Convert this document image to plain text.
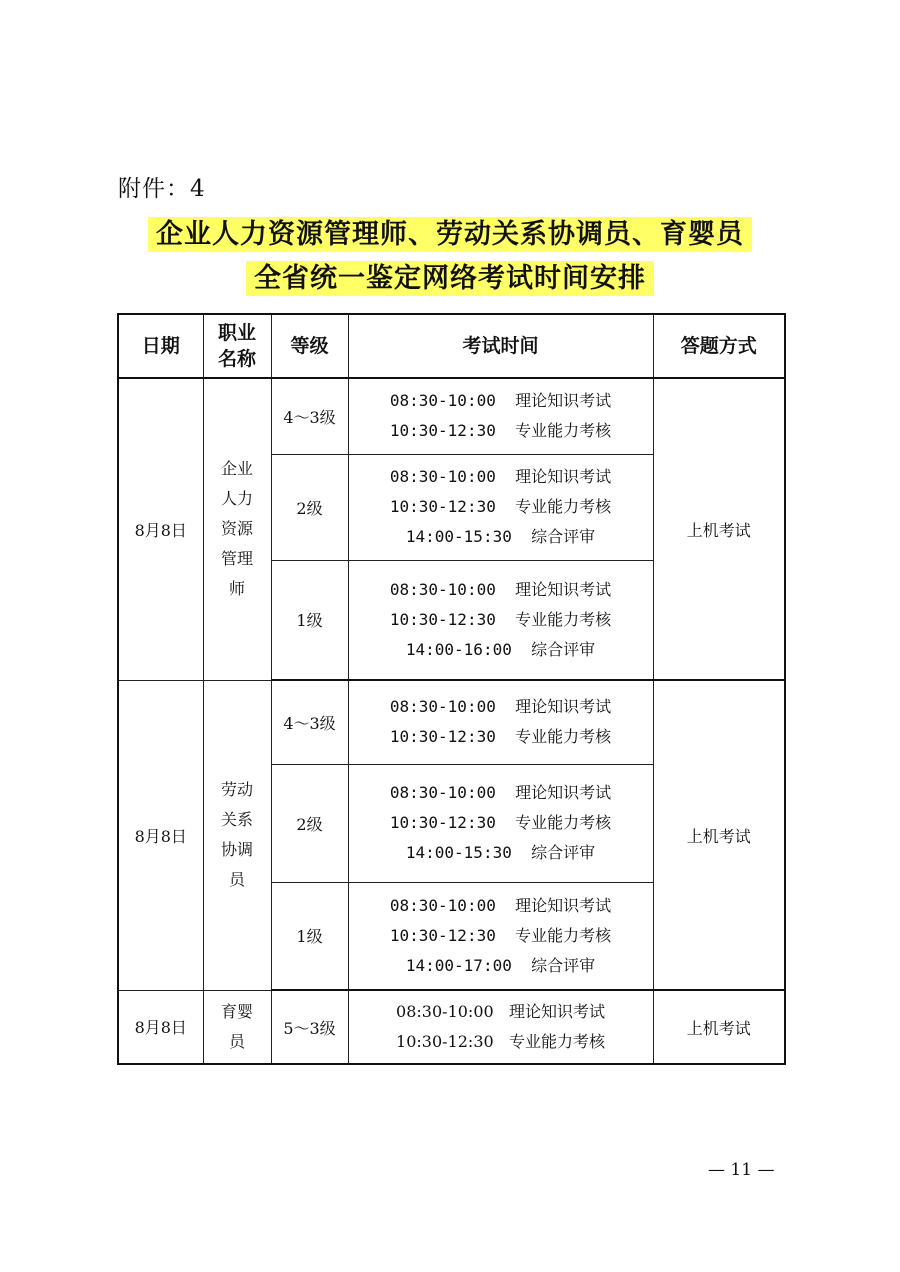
附件：4
企业人力资源管理师、劳动关系协调员、育婴员
全省统一鉴定网络考试时间安排
日期	职业名称	等级	考试时间	答题方式
8月8日	企业人力资源管理师	4～3级	08:30-10:00 理论知识考试
10:30-12:30 专业能力考核	上机考试
		2级	08:30-10:00 理论知识考试
10:30-12:30 专业能力考核
14:00-15:30 综合评审	

		1级	08:30-10:00 理论知识考试
10:30-12:30 专业能力考核
14:00-16:00 综合评审	

8月8日	劳动关系协调员	4～3级	08:30-10:00 理论知识考试
10:30-12:30 专业能力考核	上机考试
		2级	08:30-10:00 理论知识考试
10:30-12:30 专业能力考核
14:00-15:30 综合评审	

		1级	08:30-10:00 理论知识考试
10:30-12:30 专业能力考核
14:00-17:00 综合评审	

8月8日	育婴员	5～3级	08:30-10:00 理论知识考试
10:30-12:30 专业能力考核	上机考试
— 11 —
